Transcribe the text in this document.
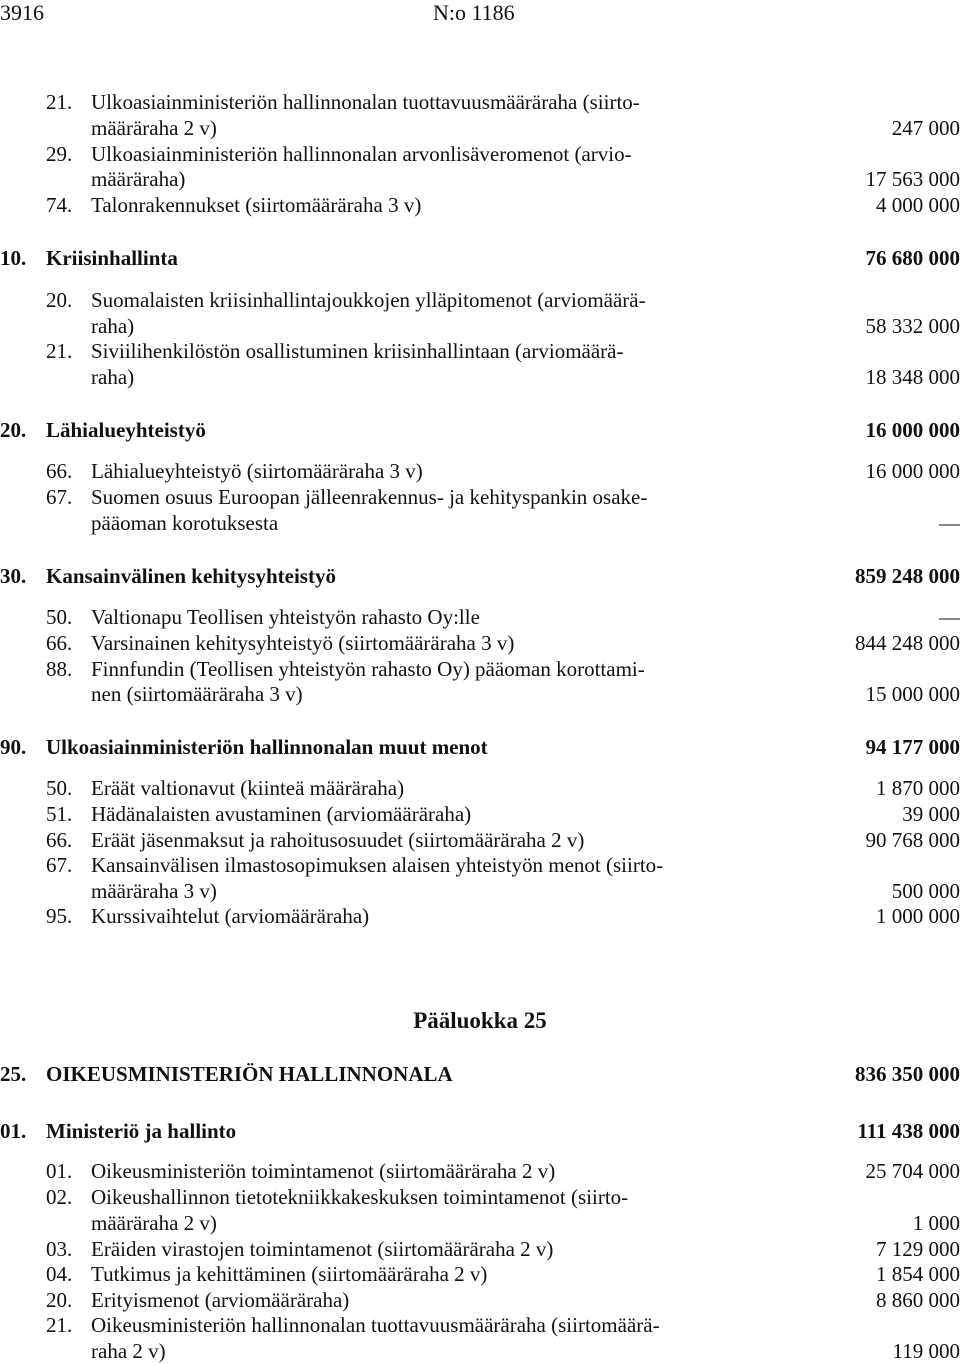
3916	N:o 1186
21. Ulkoasiainministeriön hallinnonalan tuottavuusmääräraha (siirto-
määräraha 2 v)	247 000
29. Ulkoasiainministeriön hallinnonalan arvonlisäveromenot (arvio-
määräraha)	17 563 000
74. Talonrakennukset (siirtomääräraha 3 v)	4 000 000
10. Kriisinhallinta	76 680 000
20. Suomalaisten kriisinhallintajoukkojen ylläpitomenot (arviomäärä-
raha)	58 332 000
21. Siviilihenkilöstön osallistuminen kriisinhallintaan (arviomäärä-
raha)	18 348 000
20. Lähialueyhteistyö	16 000 000
66. Lähialueyhteistyö (siirtomääräraha 3 v)	16 000 000
67. Suomen osuus Euroopan jälleenrakennus- ja kehityspankin osake-
pääoman korotuksesta	—
30. Kansainvälinen kehitysyhteistyö	859 248 000
50. Valtionapu Teollisen yhteistyön rahasto Oy:lle	—
66. Varsinainen kehitysyhteistyö (siirtomääräraha 3 v)	844 248 000
88. Finnfundin (Teollisen yhteistyön rahasto Oy) pääoman korottami-
nen (siirtomääräraha 3 v)	15 000 000
90. Ulkoasiainministeriön hallinnonalan muut menot	94 177 000
50. Eräät valtionavut (kiinteä määräraha)	1 870 000
51. Hädänalaisten avustaminen (arviomääräraha)	39 000
66. Eräät jäsenmaksut ja rahoitusosuudet (siirtomääräraha 2 v)	90 768 000
67. Kansainvälisen ilmastosopimuksen alaisen yhteistyön menot (siirto-
määräraha 3 v)	500 000
95. Kurssivaihtelut (arviomääräraha)	1 000 000
25. OIKEUSMINISTERIÖN HALLINNONALA	836 350 000
01. Ministeriö ja hallinto	111 438 000
01. Oikeusministeriön toimintamenot (siirtomääräraha 2 v)	25 704 000
02. Oikeushallinnon tietotekniikkakeskuksen toimintamenot (siirto-
määräraha 2 v)	1 000
03. Eräiden virastojen toimintamenot (siirtomääräraha 2 v)	7 129 000
04. Tutkimus ja kehittäminen (siirtomääräraha 2 v)	1 854 000
20. Erityismenot (arviomääräraha)	8 860 000
21. Oikeusministeriön hallinnonalan tuottavuusmääräraha (siirtomäärä-
raha 2 v)	119 000
Pääluokka 25
